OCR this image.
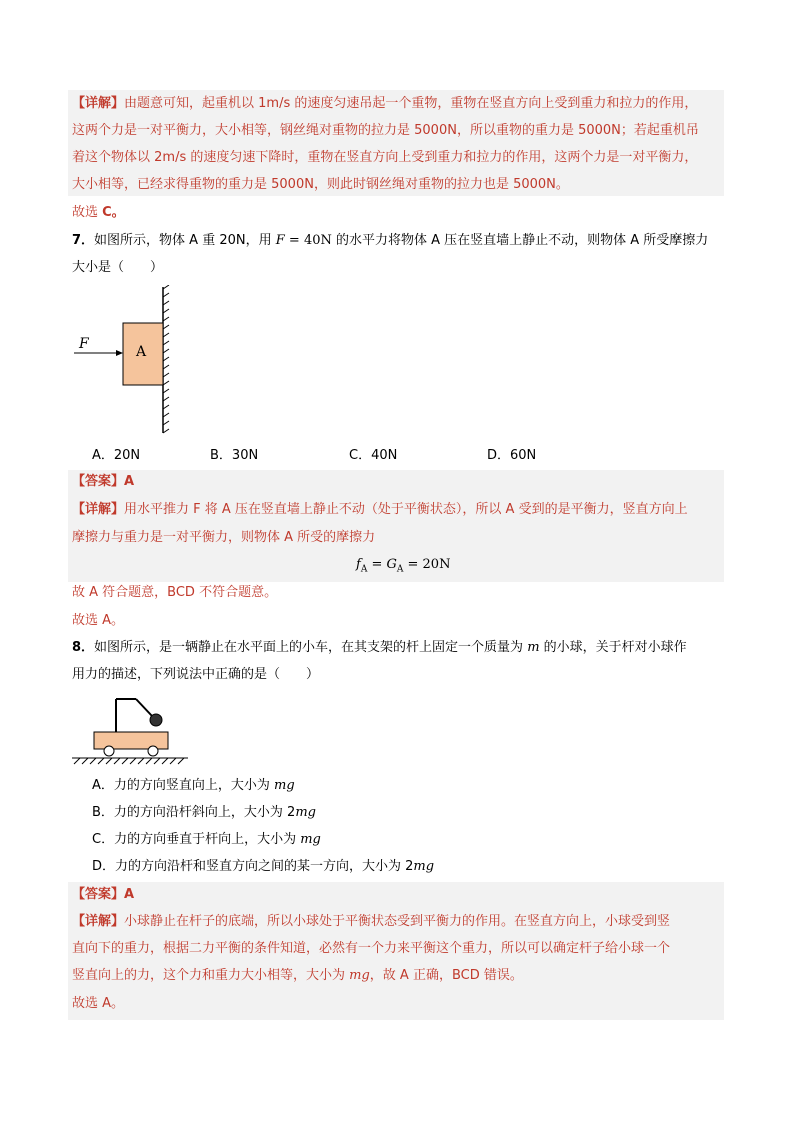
【详解】由题意可知，起重机以 1m/s 的速度匀速吊起一个重物，重物在竖直方向上受到重力和拉力的作用，
这两个力是一对平衡力，大小相等，钢丝绳对重物的拉力是 5000N，所以重物的重力是 5000N；若起重机吊
着这个物体以 2m/s 的速度匀速下降时，重物在竖直方向上受到重力和拉力的作用，这两个力是一对平衡力，
大小相等，已经求得重物的重力是 5000N，则此时钢丝绳对重物的拉力也是 5000N。
故选 C。
7．如图所示，物体 A 重 20N，用 F = 40N 的水平力将物体 A 压在竖直墙上静止不动，则物体 A 所受摩擦力
大小是（　　）
F	A
A．20N	B．30N	C．40N	D．60N
【答案】A
【详解】用水平推力 F 将 A 压在竖直墙上静止不动（处于平衡状态），所以 A 受到的是平衡力，竖直方向上
摩擦力与重力是一对平衡力，则物体 A 所受的摩擦力
$f_A = G_A = 20N$
故 A 符合题意，BCD 不符合题意。
故选 A。
8．如图所示，是一辆静止在水平面上的小车，在其支架的杆上固定一个质量为 m 的小球，关于杆对小球作
用力的描述，下列说法中正确的是（　　）
A．力的方向竖直向上，大小为 mg
B．力的方向沿杆斜向上，大小为 2mg
C．力的方向垂直于杆向上，大小为 mg
D．力的方向沿杆和竖直方向之间的某一方向，大小为 2mg
【答案】A
【详解】小球静止在杆子的底端，所以小球处于平衡状态受到平衡力的作用。在竖直方向上，小球受到竖
直向下的重力，根据二力平衡的条件知道，必然有一个力来平衡这个重力，所以可以确定杆子给小球一个
竖直向上的力，这个力和重力大小相等，大小为 mg，故 A 正确，BCD 错误。
故选 A。
